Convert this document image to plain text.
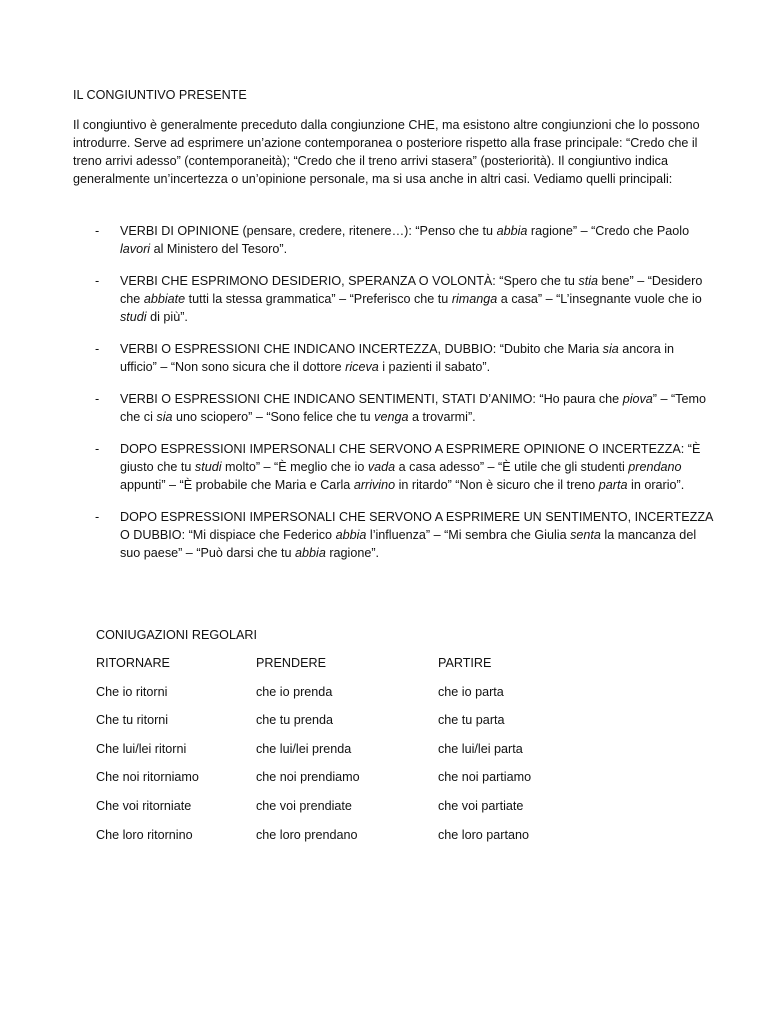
IL CONGIUNTIVO PRESENTE

Il congiuntivo è generalmente preceduto dalla congiunzione CHE, ma esistono altre congiunzioni che lo possono introdurre. Serve ad esprimere un’azione contemporanea o posteriore rispetto alla frase principale: “Credo che il treno arrivi adesso” (contemporaneità); “Credo che il treno arrivi stasera” (posteriorità). Il congiuntivo indica generalmente un’incertezza o un’opinione personale, ma si usa anche in altri casi. Vediamo quelli principali:

- VERBI DI OPINIONE (pensare, credere, ritenere…): “Penso che tu abbia ragione” – “Credo che Paolo lavori al Ministero del Tesoro”.
- VERBI CHE ESPRIMONO DESIDERIO, SPERANZA O VOLONTÀ: “Spero che tu stia bene” – “Desidero che abbiate tutti la stessa grammatica” – “Preferisco che tu rimanga a casa” – “L’insegnante vuole che io studi di più”.
- VERBI O ESPRESSIONI CHE INDICANO INCERTEZZA, DUBBIO: “Dubito che Maria sia ancora in ufficio” – “Non sono sicura che il dottore riceva i pazienti il sabato”.
- VERBI O ESPRESSIONI CHE INDICANO SENTIMENTI, STATI D’ANIMO: “Ho paura che piova” – “Temo che ci sia uno sciopero” – “Sono felice che tu venga a trovarmi”.
- DOPO ESPRESSIONI IMPERSONALI CHE SERVONO A ESPRIMERE OPINIONE O INCERTEZZA: “È giusto che tu studi molto” – “È meglio che io vada a casa adesso” – “È utile che gli studenti prendano appunti” – “È probabile che Maria e Carla arrivino in ritardo” “Non è sicuro che il treno parta in orario”.
- DOPO ESPRESSIONI IMPERSONALI CHE SERVONO A ESPRIMERE UN SENTIMENTO, INCERTEZZA O DUBBIO: “Mi dispiace che Federico abbia l’influenza” – “Mi sembra che Giulia senta la mancanza del suo paese” – “Può darsi che tu abbia ragione”.
CONIUGAZIONI REGOLARI
RITORNARE	PRENDERE	PARTIRE
Che io ritorni	che io prenda	che io parta
Che tu ritorni	che tu prenda	che tu parta
Che lui/lei ritorni	che lui/lei prenda	che lui/lei parta
Che noi ritorniamo	che noi prendiamo	che noi partiamo
Che voi ritorniate	che voi prendiate	che voi partiate
Che loro ritornino	che loro prendano	che loro partano
